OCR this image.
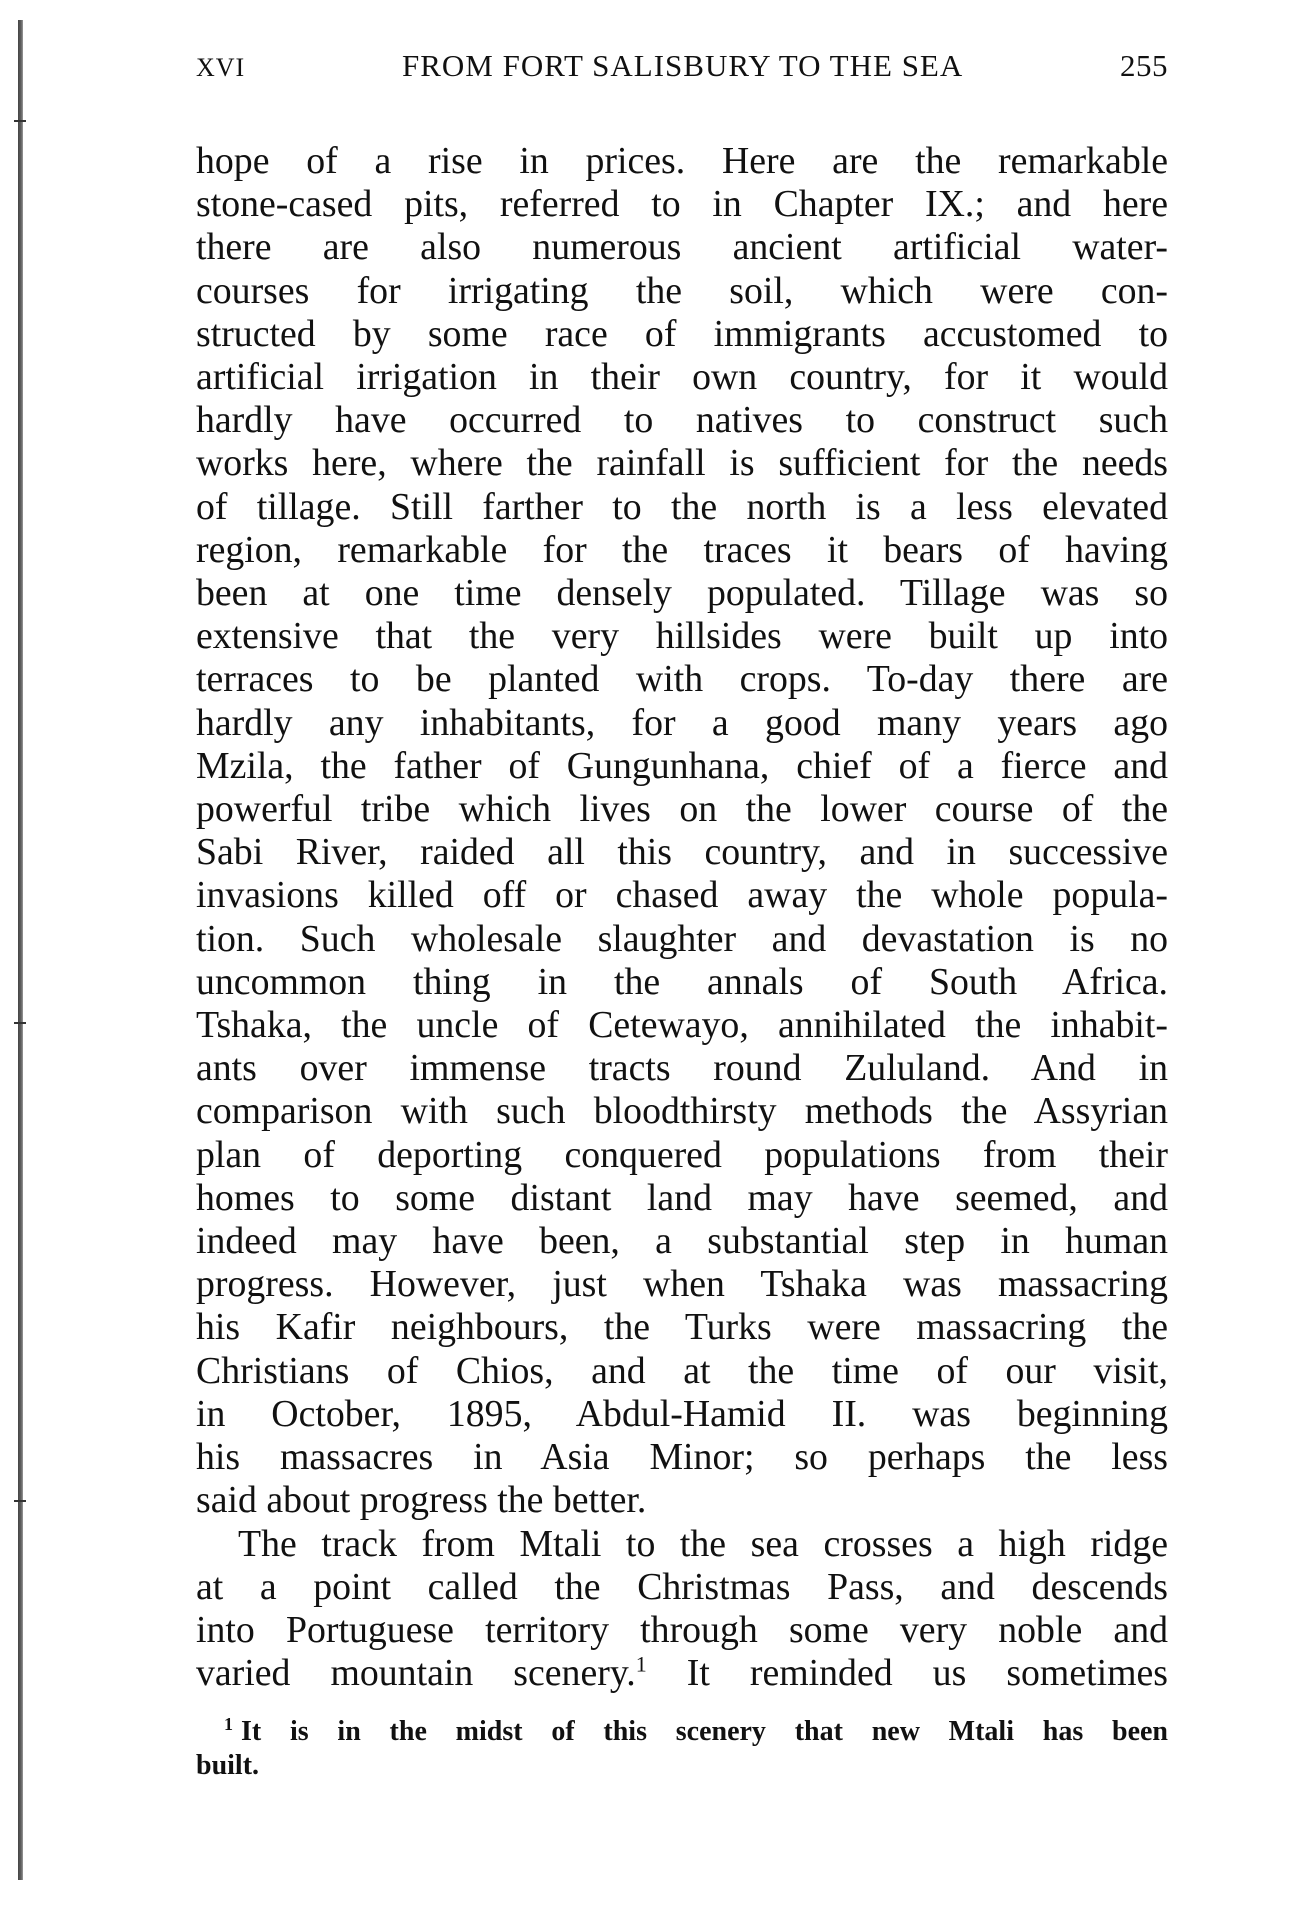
XVI	FROM FORT SALISBURY TO THE SEA	255

hope of a rise in prices. Here are the remarkable
stone-cased pits, referred to in Chapter IX.; and here
there are also numerous ancient artificial water-
courses for irrigating the soil, which were con-
structed by some race of immigrants accustomed to
artificial irrigation in their own country, for it would
hardly have occurred to natives to construct such
works here, where the rainfall is sufficient for the needs
of tillage. Still farther to the north is a less elevated
region, remarkable for the traces it bears of having
been at one time densely populated. Tillage was so
extensive that the very hillsides were built up into
terraces to be planted with crops. To-day there are
hardly any inhabitants, for a good many years ago
Mzila, the father of Gungunhana, chief of a fierce and
powerful tribe which lives on the lower course of the
Sabi River, raided all this country, and in successive
invasions killed off or chased away the whole popula-
tion. Such wholesale slaughter and devastation is no
uncommon thing in the annals of South Africa.
Tshaka, the uncle of Cetewayo, annihilated the inhabit-
ants over immense tracts round Zululand. And in
comparison with such bloodthirsty methods the Assyrian
plan of deporting conquered populations from their
homes to some distant land may have seemed, and
indeed may have been, a substantial step in human
progress. However, just when Tshaka was massacring
his Kafir neighbours, the Turks were massacring the
Christians of Chios, and at the time of our visit,
in October, 1895, Abdul-Hamid II. was beginning
his massacres in Asia Minor; so perhaps the less
said about progress the better.

The track from Mtali to the sea crosses a high ridge
at a point called the Christmas Pass, and descends
into Portuguese territory through some very noble and
varied mountain scenery.$^1$ It reminded us sometimes

$^1$ It is in the midst of this scenery that new Mtali has been
built.
